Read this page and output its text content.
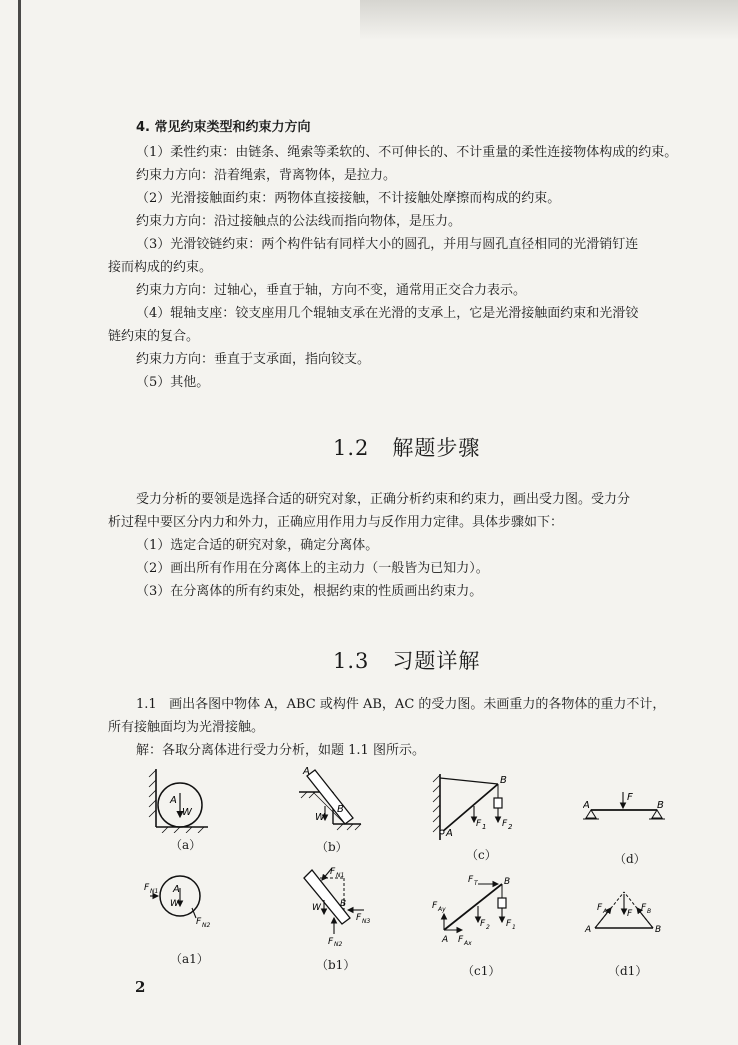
4. 常见约束类型和约束力方向
（1）柔性约束：由链条、绳索等柔软的、不可伸长的、不计重量的柔性连接物体构成的约束。
约束力方向：沿着绳索，背离物体，是拉力。
（2）光滑接触面约束：两物体直接接触，不计接触处摩擦而构成的约束。
约束力方向：沿过接触点的公法线而指向物体，是压力。
（3）光滑铰链约束：两个构件钻有同样大小的圆孔，并用与圆孔直径相同的光滑销钉连
接而构成的约束。
约束力方向：过轴心，垂直于轴，方向不变，通常用正交合力表示。
（4）辊轴支座：铰支座用几个辊轴支承在光滑的支承上，它是光滑接触面约束和光滑铰
链约束的复合。
约束力方向：垂直于支承面，指向铰支。
（5）其他。
1.2   解题步骤
受力分析的要领是选择合适的研究对象，正确分析约束和约束力，画出受力图。受力分
析过程中要区分内力和外力，正确应用作用力与反作用力定律。具体步骤如下：
（1）选定合适的研究对象，确定分离体。
（2）画出所有作用在分离体上的主动力（一般皆为已知力）。
（3）在分离体的所有约束处，根据约束的性质画出约束力。
1.3   习题详解
1.1   画出各图中物体 A，ABC 或构件 AB，AC 的受力图。未画重力的各物体的重力不计，
所有接触面均为光滑接触。
解：各取分离体进行受力分析，如题 1.1 图所示。
A
W
（a）
A
B
W
（b）
B
A
F 1 F 2
（c）
F
A	B
（d）
F N1 A
W
F N2
（a1）
F N1
W B
F N3
F N2
（b1）
F T	B
F Ay
A F Ax
F 2 F 1
（c1）
F A	F B
F
A	B
（d1）
2
